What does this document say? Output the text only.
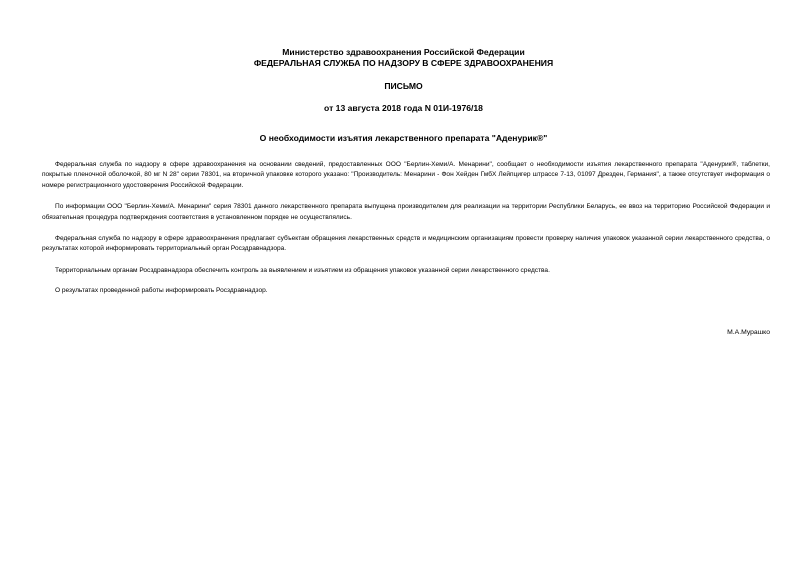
Министерство здравоохранения Российской Федерации
ФЕДЕРАЛЬНАЯ СЛУЖБА ПО НАДЗОРУ В СФЕРЕ ЗДРАВООХРАНЕНИЯ
ПИСЬМО
от 13 августа 2018 года N 01И-1976/18
О необходимости изъятия лекарственного препарата "Аденурик®"

Федеральная служба по надзору в сфере здравоохранения на основании сведений, предоставленных ООО "Берлин-Хеми/А. Менарини", сообщает о необходимости изъятия лекарственного препарата "Аденурик®, таблетки, покрытые пленочной оболочкой, 80 мг N 28" серии 78301, на вторичной упаковке которого указано: "Производитель: Менарини - Фон Хейден ГмбХ Лейпцигер штрассе 7-13, 01097 Дрезден, Германия", а также отсутствует информация о номере регистрационного удостоверения Российской Федерации.

По информации ООО "Берлин-Хеми/А. Менарини" серия 78301 данного лекарственного препарата выпущена производителем для реализации на территории Республики Беларусь, ее ввоз на территорию Российской Федерации и обязательная процедура подтверждения соответствия в установленном порядке не осуществлялись.

Федеральная служба по надзору в сфере здравоохранения предлагает субъектам обращения лекарственных средств и медицинским организациям провести проверку наличия упаковок указанной серии лекарственного средства, о результатах которой информировать территориальный орган Росздравнадзора.

Территориальным органам Росздравнадзора обеспечить контроль за выявлением и изъятием из обращения упаковок указанной серии лекарственного средства.

О результатах проведенной работы информировать Росздравнадзор.

М.А.Мурашко
